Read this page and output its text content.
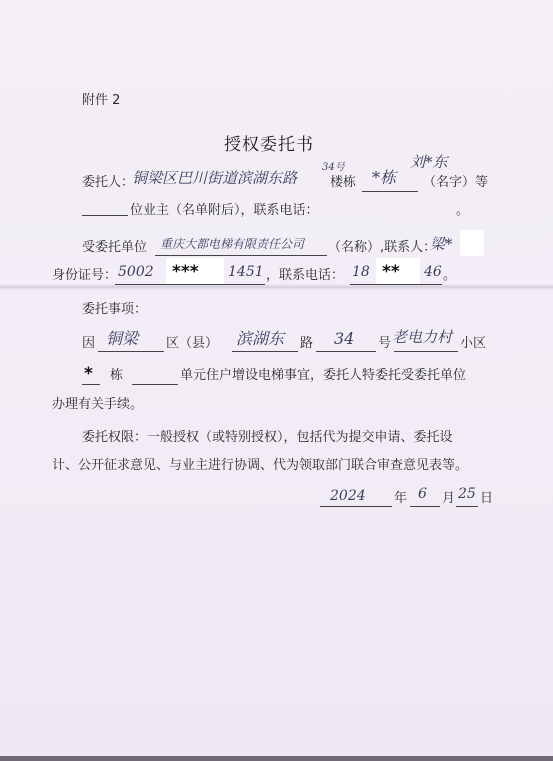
附件 2
授权委托书
委托人：
铜梁区巴川街道滨湖东路
34号
楼栋 *栋
刘*东
（名字）等
位业主（名单附后），联系电话：	。
受委托单位 重庆大都电梯有限责任公司 （名称）,联系人：
梁*
身份证号： 5002 *** 1451 ，联系电话： 18 ** 46 。
委托事项：
因 铜梁 区（县） 滨湖东 路 34 号 老电力村 小区
* 栋	单元住户增设电梯事宜，委托人特委托受委托单位
办理有关手续。
委托权限：一般授权（或特别授权），包括代为提交申请、委托设
计、公开征求意见、与业主进行协调、代为领取部门联合审查意见表等。
2024 年 6 月 25 日
